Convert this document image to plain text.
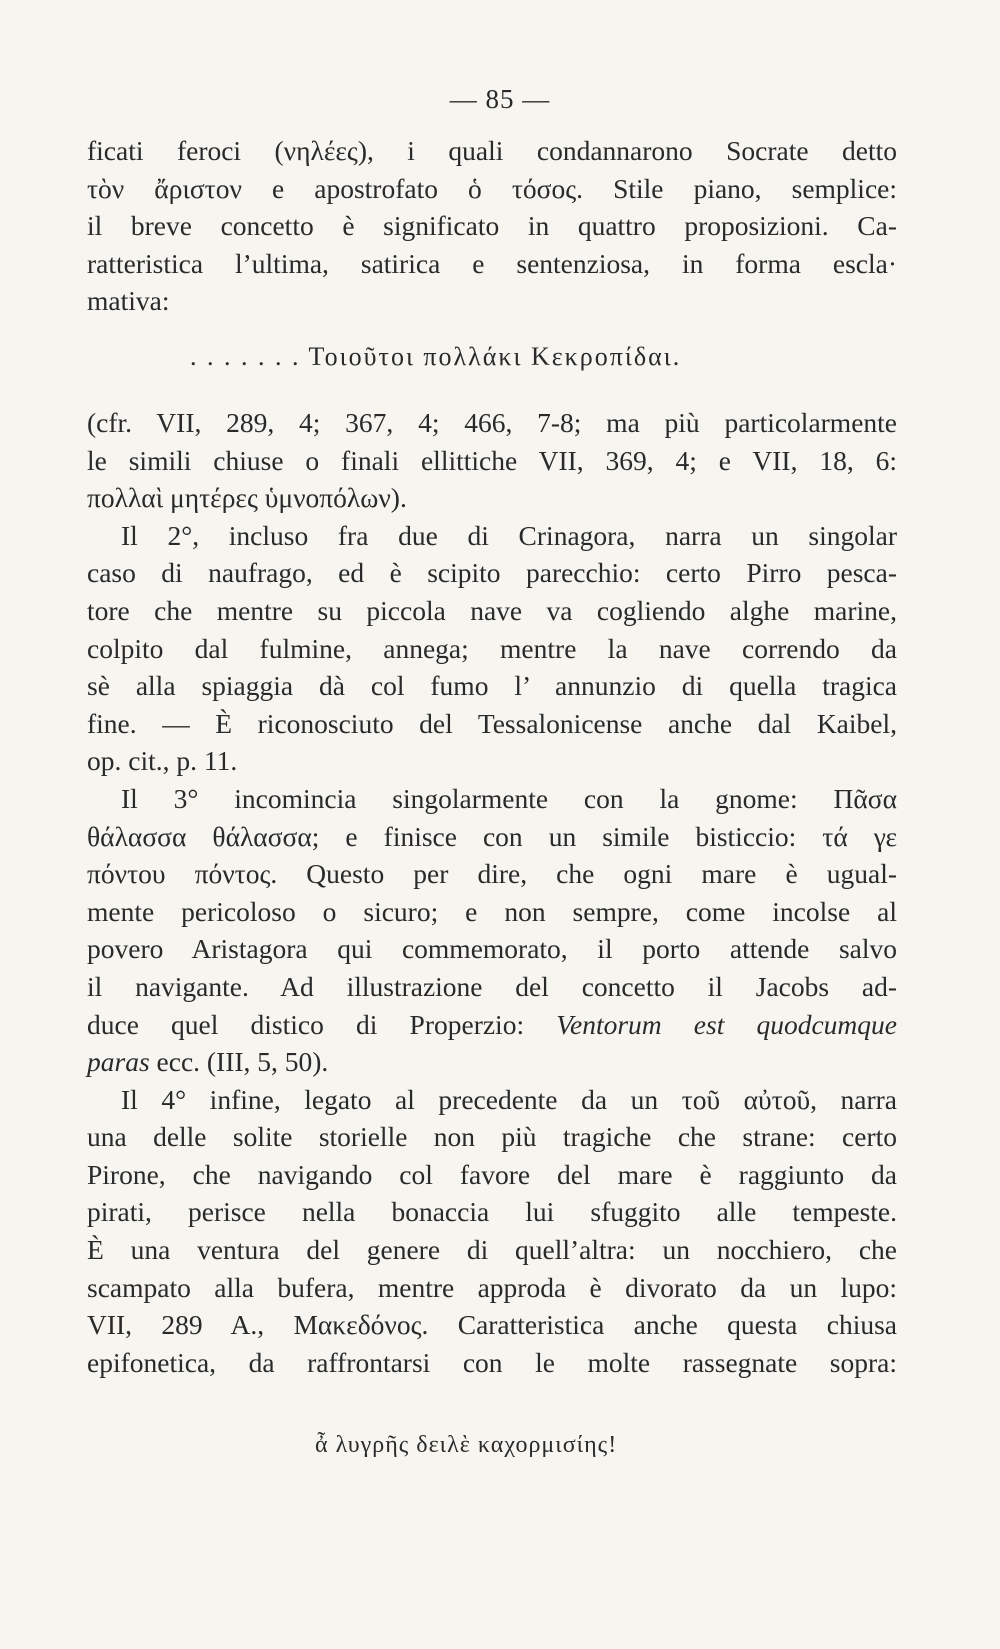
— 85 —
ficati feroci (νηλέες), i quali condannarono Socrate detto
τὸν ἄριστον e apostrofato ὁ τόσος. Stile piano, semplice:
il breve concetto è significato in quattro proposizioni. Ca-
ratteristica l’ultima, satirica e sentenziosa, in forma escla·
mativa:
. . . . . . . Τοιοῦτοι πολλάκι Κεκροπίδαι.
(cfr. VII, 289, 4; 367, 4; 466, 7-8; ma più particolarmente
le simili chiuse o finali ellittiche VII, 369, 4; e VII, 18, 6:
πολλαὶ μητέρες ὑμνοπόλων).
Il 2°, incluso fra due di Crinagora, narra un singolar
caso di naufrago, ed è scipito parecchio: certo Pirro pesca-
tore che mentre su piccola nave va cogliendo alghe marine,
colpito dal fulmine, annega; mentre la nave correndo da
sè alla spiaggia dà col fumo l’ annunzio di quella tragica
fine. — È riconosciuto del Tessalonicense anche dal Kaibel,
op. cit., p. 11.
Il 3° incomincia singolarmente con la gnome: Πᾶσα
θάλασσα θάλασσα; e finisce con un simile bisticcio: τά γε
πόντου πόντος. Questo per dire, che ogni mare è ugual-
mente pericoloso o sicuro; e non sempre, come incolse al
povero Aristagora qui commemorato, il porto attende salvo
il navigante. Ad illustrazione del concetto il Jacobs ad-
duce quel distico di Properzio: Ventorum est quodcumque
paras ecc. (III, 5, 50).
Il 4° infine, legato al precedente da un τοῦ αὐτοῦ, narra
una delle solite storielle non più tragiche che strane: certo
Pirone, che navigando col favore del mare è raggiunto da
pirati, perisce nella bonaccia lui sfuggito alle tempeste.
È una ventura del genere di quell’altra: un nocchiero, che
scampato alla bufera, mentre approda è divorato da un lupo:
VII, 289 A., Μακεδόνος. Caratteristica anche questa chiusa
epifonetica, da raffrontarsi con le molte rassegnate sopra:
ἆ λυγρῆς δειλὲ καχορμισίης!
